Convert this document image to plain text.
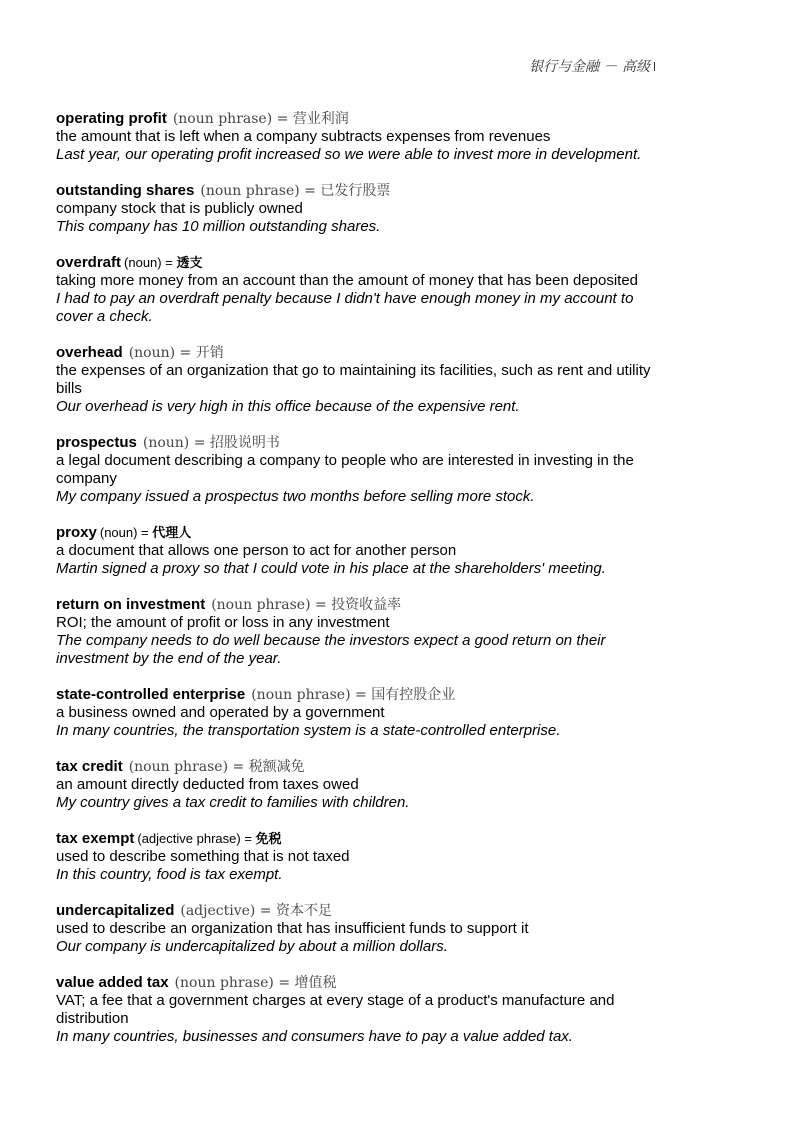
银行与金融 － 高级
operating profit (noun phrase) = 营业利润
the amount that is left when a company subtracts expenses from revenues
Last year, our operating profit increased so we were able to invest more in development.
outstanding shares (noun phrase) = 已发行股票
company stock that is publicly owned
This company has 10 million outstanding shares.
overdraft (noun) = 透支
taking more money from an account than the amount of money that has been deposited
I had to pay an overdraft penalty because I didn't have enough money in my account to cover a check.
overhead (noun) = 开销
the expenses of an organization that go to maintaining its facilities, such as rent and utility bills
Our overhead is very high in this office because of the expensive rent.
prospectus (noun) = 招股说明书
a legal document describing a company to people who are interested in investing in the company
My company issued a prospectus two months before selling more stock.
proxy (noun) = 代理人
a document that allows one person to act for another person
Martin signed a proxy so that I could vote in his place at the shareholders' meeting.
return on investment (noun phrase) = 投资收益率
ROI; the amount of profit or loss in any investment
The company needs to do well because the investors expect a good return on their investment by the end of the year.
state-controlled enterprise (noun phrase) = 国有控股企业
a business owned and operated by a government
In many countries, the transportation system is a state-controlled enterprise.
tax credit (noun phrase) = 税额减免
an amount directly deducted from taxes owed
My country gives a tax credit to families with children.
tax exempt (adjective phrase) = 免税
used to describe something that is not taxed
In this country, food is tax exempt.
undercapitalized (adjective) = 资本不足
used to describe an organization that has insufficient funds to support it
Our company is undercapitalized by about a million dollars.
value added tax (noun phrase) = 增值税
VAT; a fee that a government charges at every stage of a product's manufacture and distribution
In many countries, businesses and consumers have to pay a value added tax.
